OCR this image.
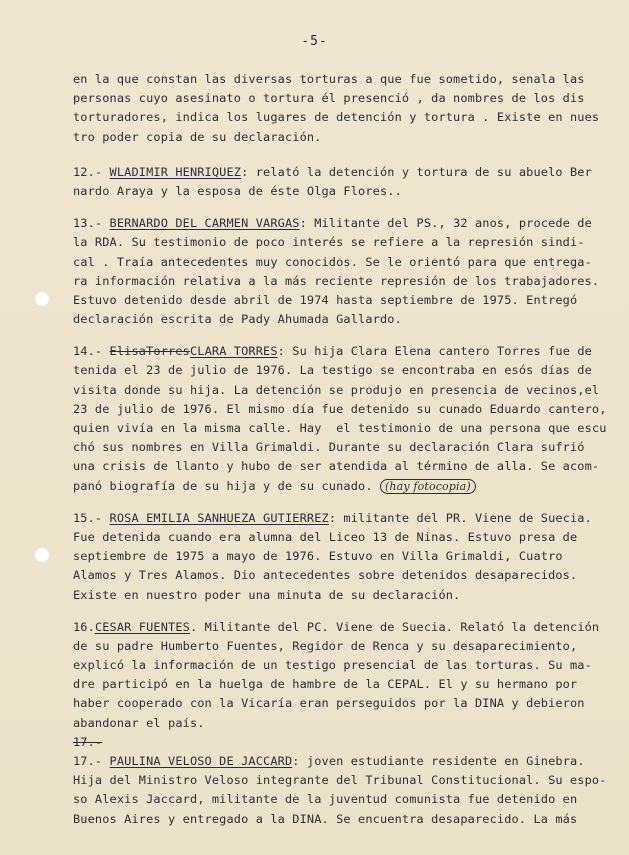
-5-
en la que constan las diversas torturas a que fue sometido, senala las
personas cuyo asesinato o tortura él presenció , da nombres de los dis
torturadores, indica los lugares de detención y tortura . Existe en nues
tro poder copia de su declaración.
12.- WLADIMIR HENRIQUEZ: relató la detención y tortura de su abuelo Ber
nardo Araya y la esposa de éste Olga Flores..
13.- BERNARDO DEL CARMEN VARGAS: Militante del PS., 32 anos, procede de
la RDA. Su testimonio de poco interés se refiere a la represión sindi-
cal . Traía antecedentes muy conocidos. Se le orientó para que entrega-
ra información relativa a la más reciente represión de los trabajadores.
Estuvo detenido desde abril de 1974 hasta septiembre de 1975. Entregó
declaración escrita de Pady Ahumada Gallardo.
14.- ElisaTorresCLARA TORRES: Su hija Clara Elena cantero Torres fue de
tenida el 23 de julio de 1976. La testigo se encontraba en esós días de
visita donde su hija. La detención se produjo en presencia de vecinos,el
23 de julio de 1976. El mismo día fue detenido su cunado Eduardo cantero,
quien vivía en la misma calle. Hay  el testimonio de una persona que escu
chó sus nombres en Villa Grimaldi. Durante su declaración Clara sufrió
una crisis de llanto y hubo de ser atendida al término de alla. Se acom-
panó biografía de su hija y de su cunado. (hay fotocopia)
15.- ROSA EMILIA SANHUEZA GUTIERREZ: militante del PR. Viene de Suecia.
Fue detenida cuando era alumna del Liceo 13 de Ninas. Estuvo presa de
septiembre de 1975 a mayo de 1976. Estuvo en Villa Grimaldi, Cuatro
Alamos y Tres Alamos. Dio antecedentes sobre detenidos desaparecidos.
Existe en nuestro poder una minuta de su declaración.
16.CESAR FUENTES. Militante del PC. Viene de Suecia. Relató la detención
de su padre Humberto Fuentes, Regidor de Renca y su desaparecimiento,
explicó la información de un testigo presencial de las torturas. Su ma-
dre participó en la huelga de hambre de la CEPAL. El y su hermano por
haber cooperado con la Vicaría eran perseguidos por la DINA y debieron
abandonar el país.
17.-
17.- PAULINA VELOSO DE JACCARD: joven estudiante residente en Ginebra.
Hija del Ministro Veloso integrante del Tribunal Constitucional. Su espo-
so Alexis Jaccard, militante de la juventud comunista fue detenido en
Buenos Aires y entregado a la DINA. Se encuentra desaparecido. La más
